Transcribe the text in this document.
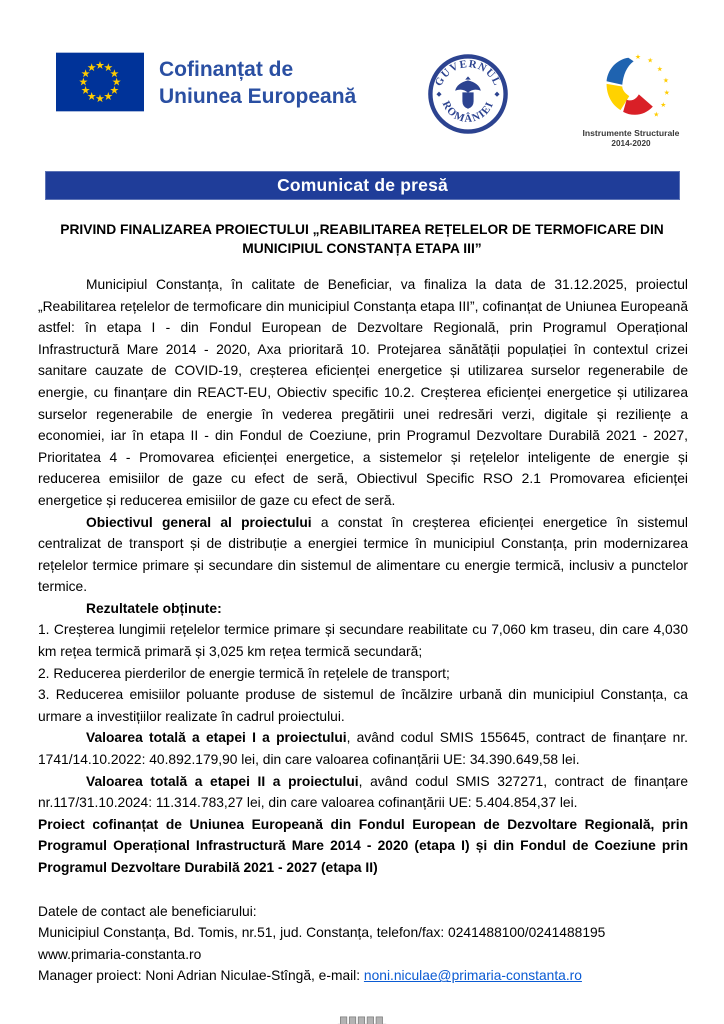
Cofinanțat de
Uniunea Europeană
GUVERNUL
ROMÂNIEI
Instrumente Structurale
2014-2020
Comunicat de presă
PRIVIND FINALIZAREA PROIECTULUI „REABILITAREA REȚELELOR DE TERMOFICARE DIN MUNICIPIUL CONSTANȚA ETAPA III”

Municipiul Constanța, în calitate de Beneficiar, va finaliza la data de 31.12.2025, proiectul „Reabilitarea rețelelor de termoficare din municipiul Constanța etapa III”, cofinanțat de Uniunea Europeană astfel: în etapa I - din Fondul European de Dezvoltare Regională, prin Programul Operațional Infrastructură Mare 2014 - 2020, Axa prioritară 10. Protejarea sănătății populației în contextul crizei sanitare cauzate de COVID-19, creșterea eficienței energetice și utilizarea surselor regenerabile de energie, cu finanțare din REACT-EU, Obiectiv specific 10.2. Creșterea eficienței energetice și utilizarea surselor regenerabile de energie în vederea pregătirii unei redresări verzi, digitale și reziliențe a economiei, iar în etapa II - din Fondul de Coeziune, prin Programul Dezvoltare Durabilă 2021 - 2027, Prioritatea 4 - Promovarea eficienței energetice, a sistemelor și rețelelor inteligente de energie și reducerea emisiilor de gaze cu efect de seră, Obiectivul Specific RSO 2.1 Promovarea eficienței energetice și reducerea emisiilor de gaze cu efect de seră.

Obiectivul general al proiectului a constat în creșterea eficienței energetice în sistemul centralizat de transport și de distribuție a energiei termice în municipiul Constanța, prin modernizarea rețelelor termice primare și secundare din sistemul de alimentare cu energie termică, inclusiv a punctelor termice.

Rezultatele obținute:

1. Creșterea lungimii rețelelor termice primare și secundare reabilitate cu 7,060 km traseu, din care 4,030 km rețea termică primară și 3,025 km rețea termică secundară;

2. Reducerea pierderilor de energie termică în rețelele de transport;

3. Reducerea emisiilor poluante produse de sistemul de încălzire urbană din municipiul Constanța, ca urmare a investițiilor realizate în cadrul proiectului.

Valoarea totală a etapei I a proiectului, având codul SMIS 155645, contract de finanțare nr. 1741/14.10.2022: 40.892.179,90 lei, din care valoarea cofinanțării UE: 34.390.649,58 lei.

Valoarea totală a etapei II a proiectului, având codul SMIS 327271, contract de finanțare nr.117/31.10.2024: 11.314.783,27 lei, din care valoarea cofinanțării UE: 5.404.854,37 lei.

Proiect cofinanțat de Uniunea Europeană din Fondul European de Dezvoltare Regională, prin Programul Operațional Infrastructură Mare 2014 - 2020 (etapa I) și din Fondul de Coeziune prin Programul Dezvoltare Durabilă 2021 - 2027 (etapa II)

Datele de contact ale beneficiarului:

Municipiul Constanța, Bd. Tomis, nr.51, jud. Constanța, telefon/fax: 0241488100/0241488195

www.primaria-constanta.ro

Manager proiect: Noni Adrian Niculae-Stîngă, e-mail: noni.niculae@primaria-constanta.ro
